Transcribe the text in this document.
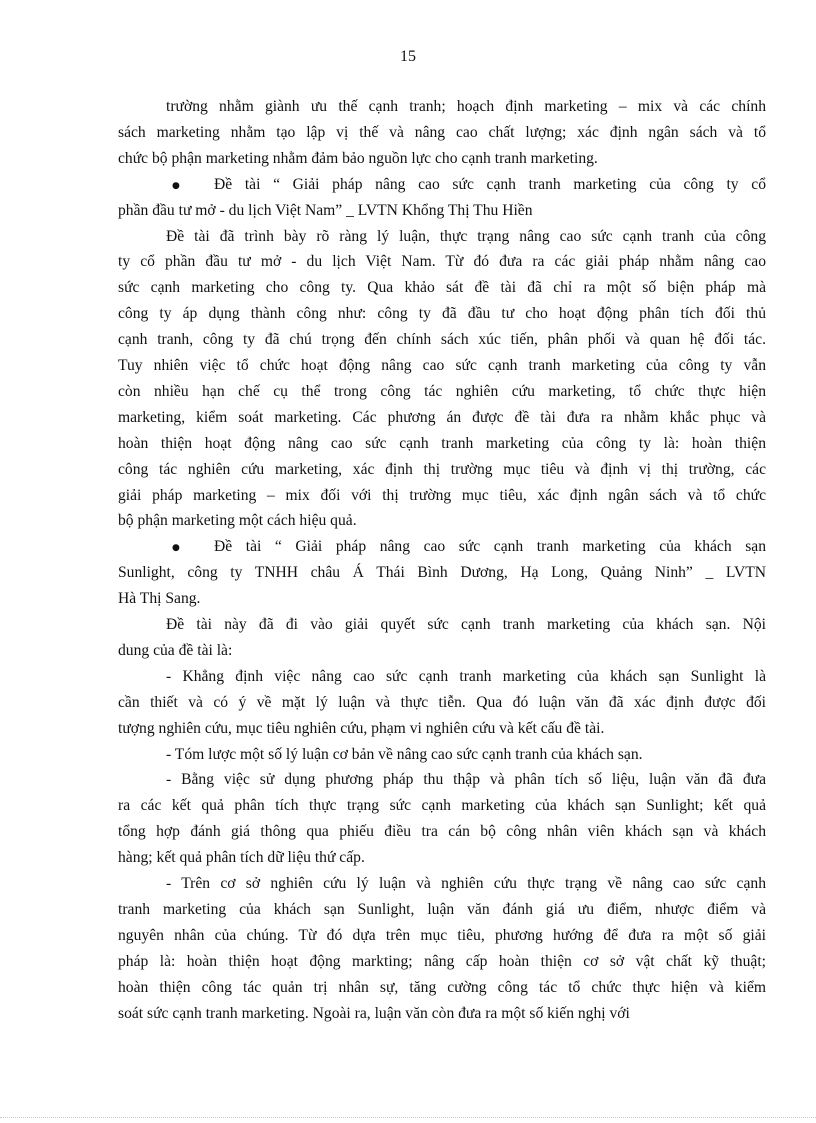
15
trường nhằm giành ưu thế cạnh tranh; hoạch định marketing – mix và các chính
sách marketing nhằm tạo lập vị thế và nâng cao chất lượng; xác định ngân sách và tổ
chức bộ phận marketing nhằm đảm bảo nguồn lực cho cạnh tranh marketing.
● Đề tài “ Giải pháp nâng cao sức cạnh tranh marketing của công ty cổ
phần đầu tư mở - du lịch Việt Nam” _ LVTN Khổng Thị Thu Hiền
Đề tài đã trình bày rõ ràng lý luận, thực trạng nâng cao sức cạnh tranh của công
ty cổ phần đầu tư mở - du lịch Việt Nam. Từ đó đưa ra các giải pháp nhằm nâng cao
sức cạnh marketing cho công ty. Qua khảo sát đề tài đã chỉ ra một số biện pháp mà
công ty áp dụng thành công như: công ty đã đầu tư cho hoạt động phân tích đối thủ
cạnh tranh, công ty đã chú trọng đến chính sách xúc tiến, phân phối và quan hệ đối tác.
Tuy nhiên việc tổ chức hoạt động nâng cao sức cạnh tranh marketing của công ty vẫn
còn nhiều hạn chế cụ thể trong công tác nghiên cứu marketing, tổ chức thực hiện
marketing, kiểm soát marketing. Các phương án được đề tài đưa ra nhằm khắc phục và
hoàn thiện hoạt động nâng cao sức cạnh tranh marketing của công ty là: hoàn thiện
công tác nghiên cứu marketing, xác định thị trường mục tiêu và định vị thị trường, các
giải pháp marketing – mix đối với thị trường mục tiêu, xác định ngân sách và tổ chức
bộ phận marketing một cách hiệu quả.
● Đề tài “ Giải pháp nâng cao sức cạnh tranh marketing của khách sạn
Sunlight, công ty TNHH châu Á Thái Bình Dương, Hạ Long, Quảng Ninh” _ LVTN
Hà Thị Sang.
Đề tài này đã đi vào giải quyết sức cạnh tranh marketing của khách sạn. Nội
dung của đề tài là:
- Khẳng định việc nâng cao sức cạnh tranh marketing của khách sạn Sunlight là
cần thiết và có ý về mặt lý luận và thực tiễn. Qua đó luận văn đã xác định được đối
tượng nghiên cứu, mục tiêu nghiên cứu, phạm vi nghiên cứu và kết cấu đề tài.
- Tóm lược một số lý luận cơ bản về nâng cao sức cạnh tranh của khách sạn.
- Bằng việc sử dụng phương pháp thu thập và phân tích số liệu, luận văn đã đưa
ra các kết quả phân tích thực trạng sức cạnh marketing của khách sạn Sunlight; kết quả
tổng hợp đánh giá thông qua phiếu điều tra cán bộ công nhân viên khách sạn và khách
hàng; kết quả phân tích dữ liệu thứ cấp.
- Trên cơ sở nghiên cứu lý luận và nghiên cứu thực trạng về nâng cao sức cạnh
tranh marketing của khách sạn Sunlight, luận văn đánh giá ưu điểm, nhược điểm và
nguyên nhân của chúng. Từ đó dựa trên mục tiêu, phương hướng để đưa ra một số giải
pháp là: hoàn thiện hoạt động markting; nâng cấp hoàn thiện cơ sở vật chất kỹ thuật;
hoàn thiện công tác quản trị nhân sự, tăng cường công tác tổ chức thực hiện và kiểm
soát sức cạnh tranh marketing. Ngoài ra, luận văn còn đưa ra một số kiến nghị với
